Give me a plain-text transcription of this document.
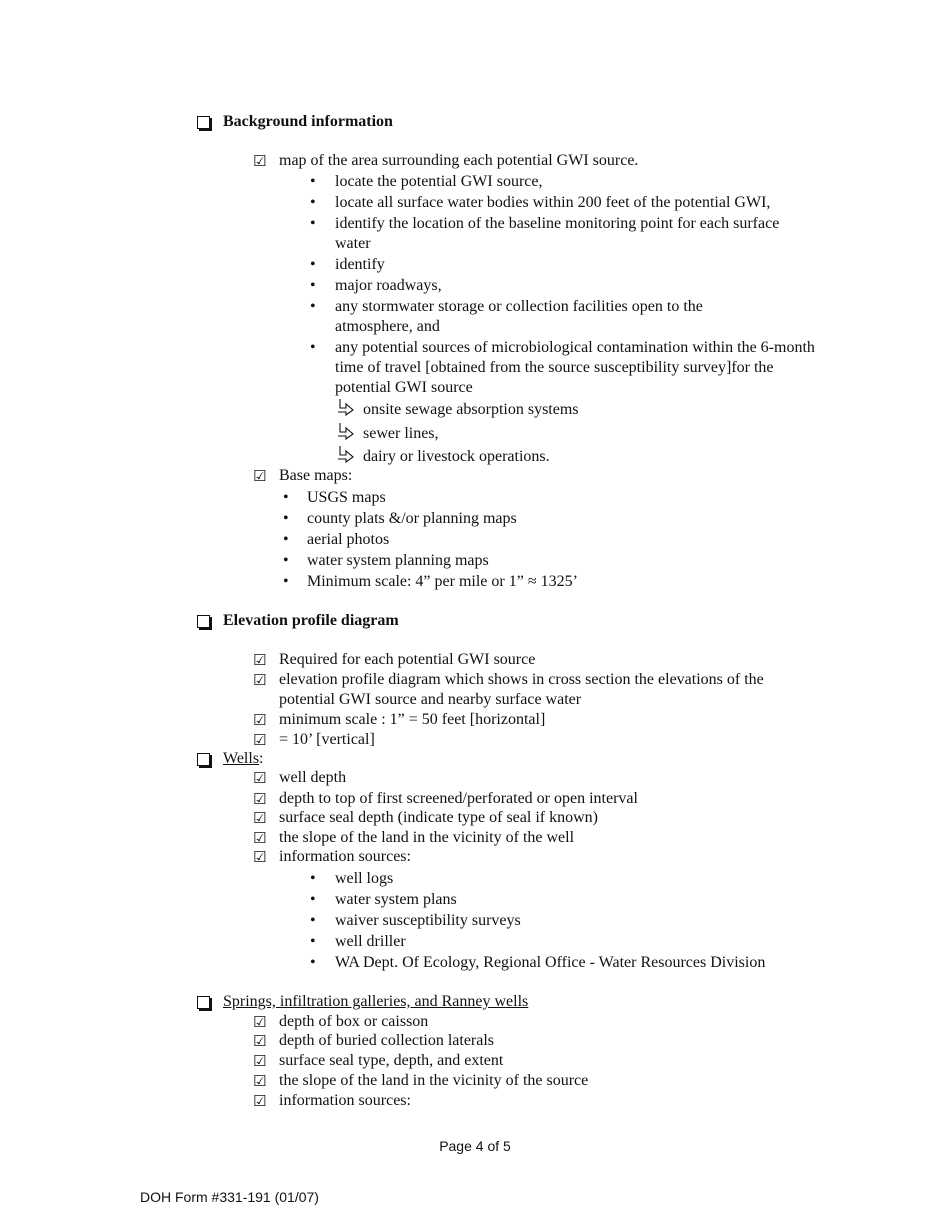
Background information
☑ map of the area surrounding each potential GWI source.
• locate the potential GWI source,
• locate all surface water bodies within 200 feet of the potential GWI,
• identify the location of the baseline monitoring point for each surface water
• identify
• major roadways,
• any stormwater storage or collection facilities open to the atmosphere, and
• any potential sources of microbiological contamination within the 6-month time of travel [obtained from the source susceptibility survey]for the potential GWI source
onsite sewage absorption systems
sewer lines,
dairy or livestock operations.
☑ Base maps:
• USGS maps
• county plats &/or planning maps
• aerial photos
• water system planning maps
• Minimum scale: 4” per mile or 1” ≈ 1325’
Elevation profile diagram
☑ Required for each potential GWI source
☑ elevation profile diagram which shows in cross section the elevations of the potential GWI source and nearby surface water
☑ minimum scale : 1” = 50 feet [horizontal]
☑ = 10’ [vertical]
Wells:
☑ well depth
☑ depth to top of first screened/perforated or open interval
☑ surface seal depth (indicate type of seal if known)
☑ the slope of the land in the vicinity of the well
☑ information sources:
• well logs
• water system plans
• waiver susceptibility surveys
• well driller
• WA Dept. Of Ecology, Regional Office - Water Resources Division
Springs, infiltration galleries, and Ranney wells
☑ depth of box or caisson
☑ depth of buried collection laterals
☑ surface seal type, depth, and extent
☑ the slope of the land in the vicinity of the source
☑ information sources:
Page 4 of 5
DOH Form #331-191 (01/07)
